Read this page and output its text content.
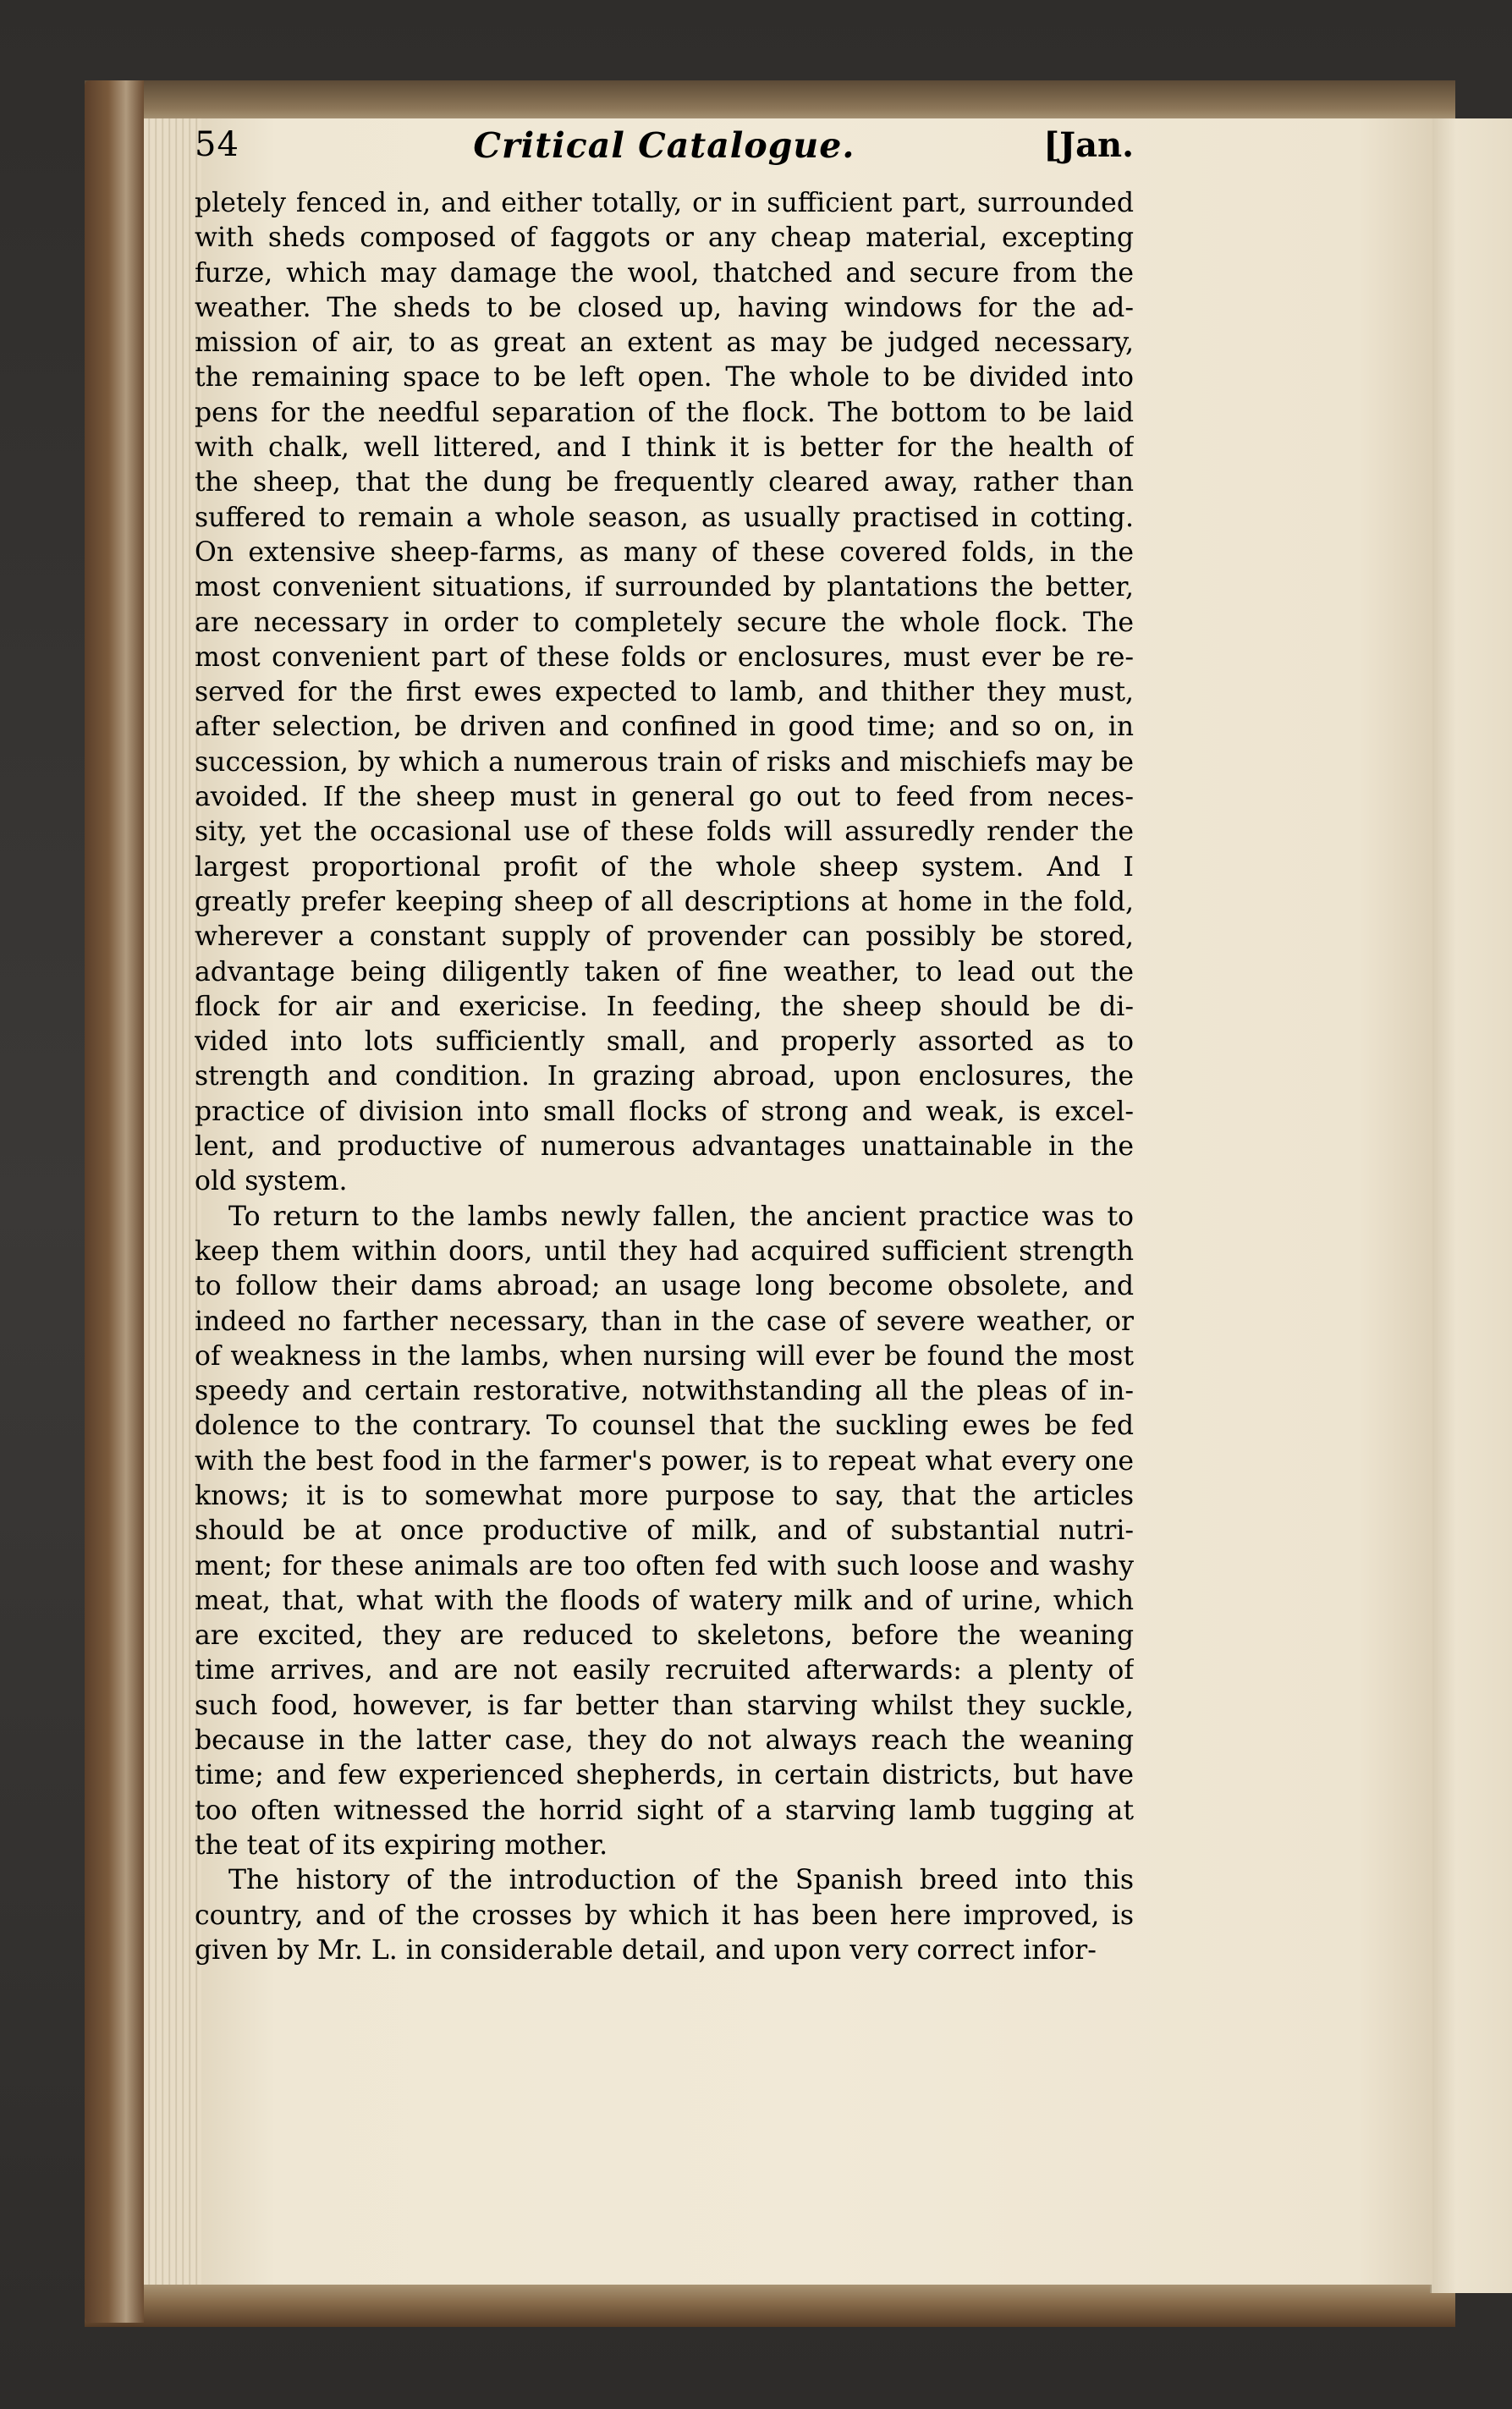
54	Critical Catalogue.	[Jan.
pletely fenced in, and either totally, or in sufficient part, surrounded
with sheds composed of faggots or any cheap material, excepting
furze, which may damage the wool, thatched and secure from the
weather. The sheds to be closed up, having windows for the ad-
mission of air, to as great an extent as may be judged necessary,
the remaining space to be left open. The whole to be divided into
pens for the needful separation of the flock. The bottom to be laid
with chalk, well littered, and I think it is better for the health of
the sheep, that the dung be frequently cleared away, rather than
suffered to remain a whole season, as usually practised in cotting.
On extensive sheep-farms, as many of these covered folds, in the
most convenient situations, if surrounded by plantations the better,
are necessary in order to completely secure the whole flock. The
most convenient part of these folds or enclosures, must ever be re-
served for the first ewes expected to lamb, and thither they must,
after selection, be driven and confined in good time; and so on, in
succession, by which a numerous train of risks and mischiefs may be
avoided. If the sheep must in general go out to feed from neces-
sity, yet the occasional use of these folds will assuredly render the
largest proportional profit of the whole sheep system. And I
greatly prefer keeping sheep of all descriptions at home in the fold,
wherever a constant supply of provender can possibly be stored,
advantage being diligently taken of fine weather, to lead out the
flock for air and exericise. In feeding, the sheep should be di-
vided into lots sufficiently small, and properly assorted as to
strength and condition. In grazing abroad, upon enclosures, the
practice of division into small flocks of strong and weak, is excel-
lent, and productive of numerous advantages unattainable in the
old system.
To return to the lambs newly fallen, the ancient practice was to
keep them within doors, until they had acquired sufficient strength
to follow their dams abroad; an usage long become obsolete, and
indeed no farther necessary, than in the case of severe weather, or
of weakness in the lambs, when nursing will ever be found the most
speedy and certain restorative, notwithstanding all the pleas of in-
dolence to the contrary. To counsel that the suckling ewes be fed
with the best food in the farmer's power, is to repeat what every one
knows; it is to somewhat more purpose to say, that the articles
should be at once productive of milk, and of substantial nutri-
ment; for these animals are too often fed with such loose and washy
meat, that, what with the floods of watery milk and of urine, which
are excited, they are reduced to skeletons, before the weaning
time arrives, and are not easily recruited afterwards: a plenty of
such food, however, is far better than starving whilst they suckle,
because in the latter case, they do not always reach the weaning
time; and few experienced shepherds, in certain districts, but have
too often witnessed the horrid sight of a starving lamb tugging at
the teat of its expiring mother.
The history of the introduction of the Spanish breed into this
country, and of the crosses by which it has been here improved, is
given by Mr. L. in considerable detail, and upon very correct infor-
